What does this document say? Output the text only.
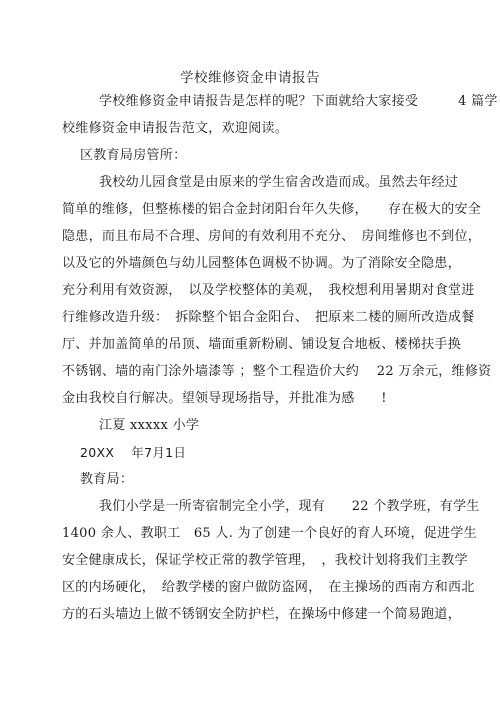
学校维修资金申请报告
学校维修资金申请报告是怎样的呢？下面就给大家接受　　　4 篇学
校维修资金申请报告范文，欢迎阅读。
区教育局房管所：
我校幼儿园食堂是由原来的学生宿舍改造而成。虽然去年经过
简单的维修，但整栋楼的铝合金封闭阳台年久失修，　　存在极大的安全
隐患，而且布局不合理、房间的有效利用不充分、　房间维修也不到位，
以及它的外墙颜色与幼儿园整体色调极不协调。为了消除安全隐患，
充分利用有效资源，　以及学校整体的美观，　我校想利用暑期对食堂进
行维修改造升级：　拆除整个铝合金阳台、　把原来二楼的厕所改造成餐
厅、并加盖简单的吊顶、墙面重新粉刷、铺设复合地板、楼梯扶手换
不锈钢、墙的南门涂外墙漆等 ；整个工程造价大约　 22 万余元，维修资
金由我校自行解决。望领导现场指导，并批准为感　　!
江夏 xxxxx 小学
20XX　 年7月1日
教育局：
我们小学是一所寄宿制完全小学，现有　　22 个教学班，有学生
1400 余人、教职工　65 人. 为了创建一个良好的育人环境，促进学生
安全健康成长，保证学校正常的教学管理，　，我校计划将我们主教学
区的内场硬化，　给教学楼的窗户做防盗网，　在主操场的西南方和西北
方的石头墙边上做不锈钢安全防护栏，在操场中修建一个简易跑道，
